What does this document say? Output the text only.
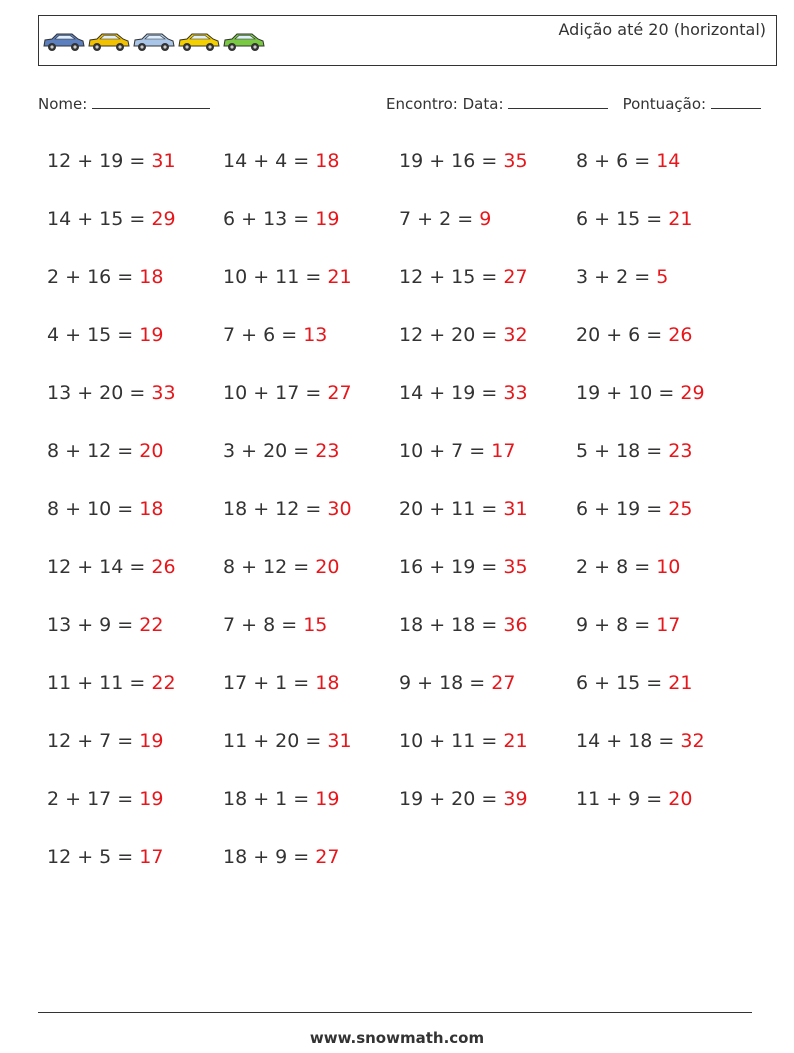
Adição até 20 (horizontal)
Nome:	Encontro: Data:	Pontuação:
12 + 19 = 31	14 + 4 = 18	19 + 16 = 35	8 + 6 = 14
14 + 15 = 29	6 + 13 = 19	7 + 2 = 9	6 + 15 = 21
2 + 16 = 18	10 + 11 = 21	12 + 15 = 27	3 + 2 = 5
4 + 15 = 19	7 + 6 = 13	12 + 20 = 32	20 + 6 = 26
13 + 20 = 33	10 + 17 = 27	14 + 19 = 33	19 + 10 = 29
8 + 12 = 20	3 + 20 = 23	10 + 7 = 17	5 + 18 = 23
8 + 10 = 18	18 + 12 = 30	20 + 11 = 31	6 + 19 = 25
12 + 14 = 26	8 + 12 = 20	16 + 19 = 35	2 + 8 = 10
13 + 9 = 22	7 + 8 = 15	18 + 18 = 36	9 + 8 = 17
11 + 11 = 22	17 + 1 = 18	9 + 18 = 27	6 + 15 = 21
12 + 7 = 19	11 + 20 = 31	10 + 11 = 21	14 + 18 = 32
2 + 17 = 19	18 + 1 = 19	19 + 20 = 39	11 + 9 = 20
12 + 5 = 17	18 + 9 = 27
www.snowmath.com
